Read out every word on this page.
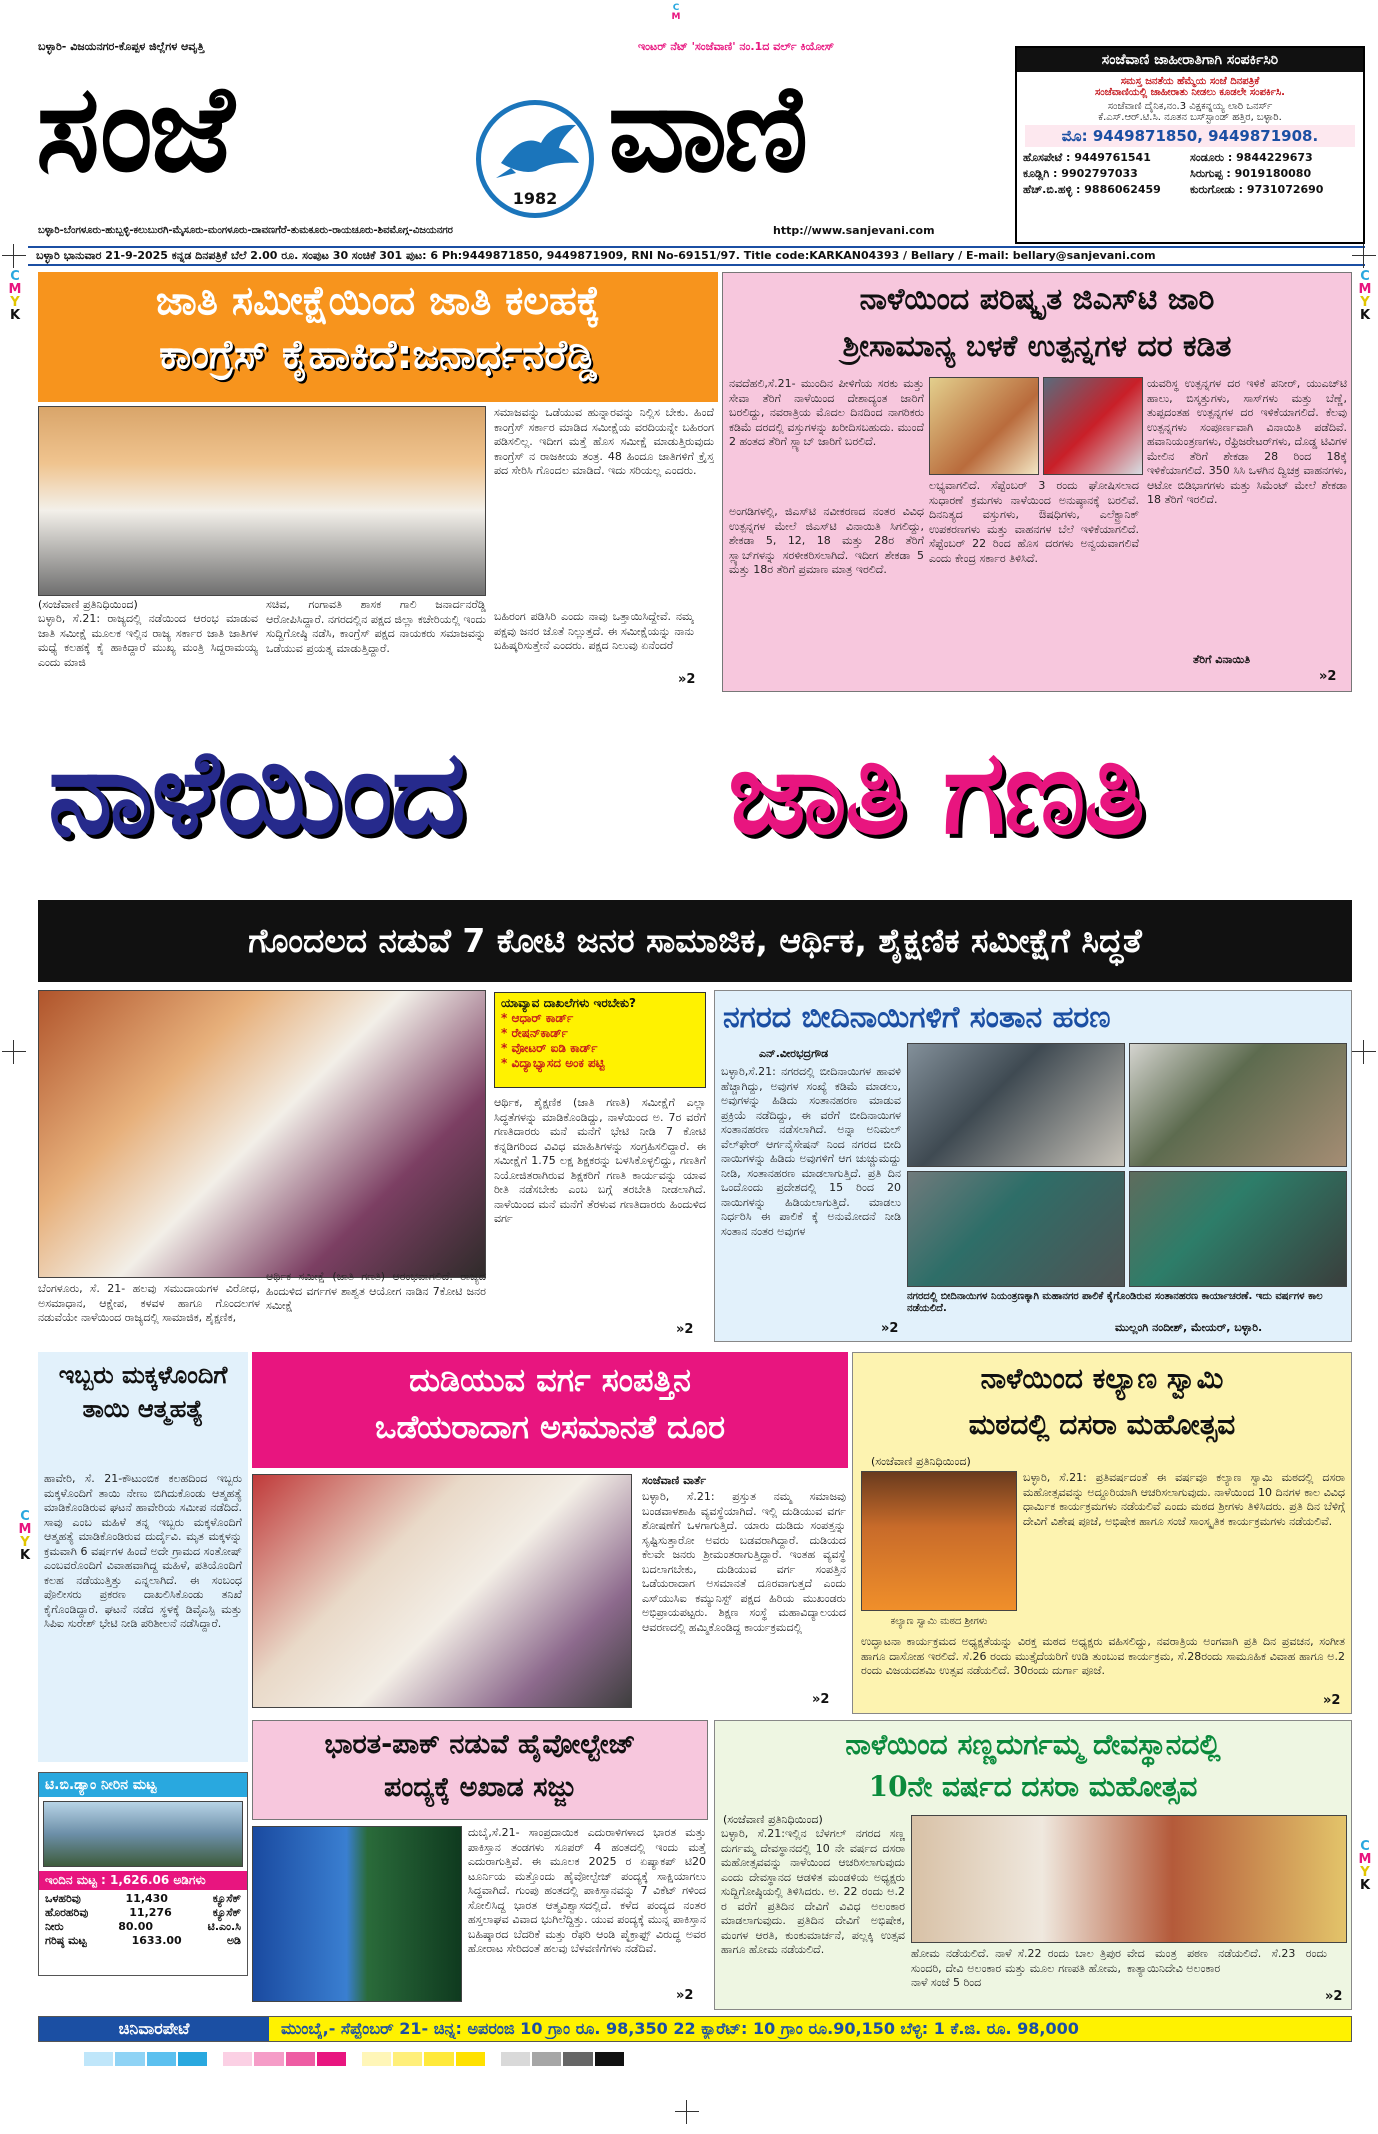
C
M
ಬಳ್ಳಾರಿ- ವಿಜಯನಗರ-ಕೊಪ್ಪಳ ಜಿಲ್ಲೆಗಳ ಆವೃತ್ತಿ	ಇಂಟರ್ ನೆಟ್ 'ಸಂಜೆವಾಣಿ' ನಂ.1ದ ವರ್ಲ್ ಕಿಯೋಸ್
ಸಂಜೆ	1982 ವಾಣಿ
ಬಳ್ಳಾರಿ-ಬೆಂಗಳೂರು-ಹುಬ್ಬಳ್ಳಿ-ಕಲುಬುರಗಿ-ಮೈಸೂರು-ಮಂಗಳೂರು-ದಾವಣಗೆರೆ-ತುಮಕೂರು-ರಾಯಚೂರು-ಶಿವಮೊಗ್ಗ-ವಿಜಯನಗರ	http://www.sanjevani.com
ಸಂಜೆವಾಣಿ ಜಾಹೀರಾತಿಗಾಗಿ ಸಂಪರ್ಕಿಸಿರಿ
ಸಮಸ್ತ ಜನತೆಯ ಹೆಮ್ಮೆಯ ಸಂಜೆ ದಿನಪತ್ರಿಕೆ
ಸಂಜೆವಾಣಿಯಲ್ಲಿ ಜಾಹೀರಾತು ನೀಡಲು ಕೂಡಲೇ ಸಂಪರ್ಕಿಸಿ.
ಸಂಜೆವಾಣಿ ದೈನಿಕ,ನಂ.3 ವಿಕ್ಷಕನ್ನಯ್ಯ ಲಾರಿ ಒನರ್ಸ್
ಕೆ.ಎಸ್.ಆರ್.ಟಿ.ಸಿ. ನೂತನ ಬಸ್‌ಸ್ಟಾಂಡ್ ಹತ್ತಿರ, ಬಳ್ಳಾರಿ.
ಮೊ: 9449871850, 9449871908.
ಹೊಸಪೇಟೆ : 9449761541	ಸಂಡೂರು : 9844229673
ಕೂಡ್ಲಿಗಿ : 9902797033	ಸಿರುಗುಪ್ಪ : 9019180080
ಹೆಚ್.ಬಿ.ಹಳ್ಳಿ : 9886062459	ಕುರುಗೋಡು : 9731072690
ಬಳ್ಳಾರಿ ಭಾನುವಾರ 21-9-2025 ಕನ್ನಡ ದಿನಪತ್ರಿಕೆ ಬೆಲೆ 2.00 ರೂ. ಸಂಪುಟ 30 ಸಂಚಿಕೆ 301 ಪುಟ: 6 Ph:9449871850, 9449871909, RNI No-69151/97. Title code:KARKAN04393 / Bellary / E-mail: bellary@sanjevani.com
C
M
Y
K
C
M
Y
K
C
M
Y
K
C
M
Y
K
ಜಾತಿ ಸಮೀಕ್ಷೆಯಿಂದ ಜಾತಿ ಕಲಹಕ್ಕೆ
ಕಾಂಗ್ರೆಸ್ ಕೈಹಾಕಿದೆ:ಜನಾರ್ಧನರೆಡ್ಡಿ
(ಸಂಜೆವಾಣಿ ಪ್ರತಿನಿಧಿಯಿಂದ)
ಬಳ್ಳಾರಿ, ಸೆ.21: ರಾಜ್ಯದಲ್ಲಿ ನಡೆಯಿಂದ ಆರಂಭ ಮಾಡುವ ಜಾತಿ ಸಮೀಕ್ಷೆ ಮೂಲಕ ಇಲ್ಲಿನ ರಾಜ್ಯ ಸರ್ಕಾರ ಜಾತಿ ಜಾತಿಗಳ ಮಧ್ಯೆ ಕಲಹಕ್ಕೆ ಕೈ ಹಾಕಿದ್ದಾರೆ ಮುಖ್ಯ ಮಂತ್ರಿ ಸಿದ್ದರಾಮಯ್ಯ ಎಂದು ಮಾಜಿ
ಸಚಿವ, ಗಂಗಾವತಿ ಶಾಸಕ ಗಾಲಿ ಜನಾರ್ದನರೆಡ್ಡಿ ಆರೋಪಿಸಿದ್ದಾರೆ. ನಗರದಲ್ಲಿನ ಪಕ್ಷದ ಜಿಲ್ಲಾ ಕಚೇರಿಯಲ್ಲಿ ಇಂದು ಸುದ್ದಿಗೋಷ್ಠಿ ನಡೆಸಿ, ಕಾಂಗ್ರೆಸ್ ಪಕ್ಷದ ನಾಯಕರು ಸಮಾಜವನ್ನು ಒಡೆಯುವ ಪ್ರಯತ್ನ ಮಾಡುತ್ತಿದ್ದಾರೆ.
ಸಮಾಜವನ್ನು ಒಡೆಯುವ ಹುನ್ನಾರವನ್ನು ನಿಲ್ಲಿಸ ಬೇಕು. ಹಿಂದೆ ಕಾಂಗ್ರೆಸ್ ಸರ್ಕಾರ ಮಾಡಿದ ಸಮೀಕ್ಷೆಯ ವರದಿಯನ್ನೇ ಬಹಿರಂಗ ಪಡಿಸಲಿಲ್ಲ. ಇದೀಗ ಮತ್ತೆ ಹೊಸ ಸಮೀಕ್ಷೆ ಮಾಡುತ್ತಿರುವುದು ಕಾಂಗ್ರೆಸ್ ನ ರಾಜಕೀಯ ತಂತ್ರ. 48 ಹಿಂದೂ ಜಾತಿಗಳಿಗೆ ಕ್ರೈಸ್ತ ಪದ ಸೇರಿಸಿ ಗೊಂದಲ ಮಾಡಿದೆ. ಇದು ಸರಿಯಲ್ಲ ಎಂದರು.
ಬಹಿರಂಗ ಪಡಿಸಿರಿ ಎಂದು ನಾವು ಒತ್ತಾಯಿಸಿದ್ದೇವೆ. ನಮ್ಮ ಪಕ್ಷವು ಜನರ ಜೊತೆ ನಿಲ್ಲುತ್ತದೆ. ಈ ಸಮೀಕ್ಷೆಯನ್ನು ನಾನು ಬಹಿಷ್ಕರಿಸುತ್ತೇನೆ ಎಂದರು. ಪಕ್ಷದ ನಿಲುವು ಏನೆಂದರೆ
»2
ನಾಳೆಯಿಂದ ಪರಿಷ್ಕೃತ ಜಿಎಸ್‌ಟಿ ಜಾರಿ
ಶ್ರೀಸಾಮಾನ್ಯ ಬಳಕೆ ಉತ್ಪನ್ನಗಳ ದರ ಕಡಿತ
ನವದೆಹಲಿ,ಸೆ.21- ಮುಂದಿನ ಪೀಳಿಗೆಯ ಸರಕು ಮತ್ತು ಸೇವಾ ತೆರಿಗೆ ನಾಳೆಯಿಂದ ದೇಶಾದ್ಯಂತ ಜಾರಿಗೆ ಬರಲಿದ್ದು, ನವರಾತ್ರಿಯ ಮೊದಲ ದಿನದಿಂದ ನಾಗರಿಕರು ಕಡಿಮೆ ದರದಲ್ಲಿ ವಸ್ತುಗಳನ್ನು ಖರೀದಿಸಬಹುದು. ಮುಂದೆ 2 ಹಂತದ ತೆರಿಗೆ ಸ್ಲ್ಯಾಬ್ ಜಾರಿಗೆ ಬರಲಿದೆ.
ಅಂಗಡಿಗಳಲ್ಲಿ, ಜಿಎಸ್‌ಟಿ ನವೀಕರಣದ ನಂತರ ವಿವಿಧ ಉತ್ಪನ್ನಗಳ ಮೇಲೆ ಜಿಎಸ್‌ಟಿ ವಿನಾಯಿತಿ ಸಿಗಲಿದ್ದು, ಶೇಕಡಾ 5, 12, 18 ಮತ್ತು 28ರ ತೆರಿಗೆ ಸ್ಲ್ಯಾಬ್‌ಗಳನ್ನು ಸರಳೀಕರಿಸಲಾಗಿದೆ. ಇದೀಗ ಶೇಕಡಾ 5 ಮತ್ತು 18ರ ತೆರಿಗೆ ಪ್ರಮಾಣ ಮಾತ್ರ ಇರಲಿದೆ.
ಲಭ್ಯವಾಗಲಿದೆ. ಸೆಪ್ಟೆಂಬರ್ 3 ರಂದು ಘೋಷಿಸಲಾದ ಸುಧಾರಣೆ ಕ್ರಮಗಳು ನಾಳೆಯಿಂದ ಅನುಷ್ಠಾನಕ್ಕೆ ಬರಲಿವೆ. ದಿನನಿತ್ಯದ ವಸ್ತುಗಳು, ಔಷಧಿಗಳು, ಎಲೆಕ್ಟ್ರಾನಿಕ್ ಉಪಕರಣಗಳು ಮತ್ತು ವಾಹನಗಳ ಬೆಲೆ ಇಳಿಕೆಯಾಗಲಿದೆ. ಸೆಪ್ಟೆಂಬರ್ 22 ರಿಂದ ಹೊಸ ದರಗಳು ಅನ್ವಯವಾಗಲಿವೆ ಎಂದು ಕೇಂದ್ರ ಸರ್ಕಾರ ತಿಳಿಸಿದೆ.
ಯವರಿಸ್ಥ ಉತ್ಪನ್ನಗಳ ದರ ಇಳಿಕೆ ಪನೀರ್, ಯುಎಚ್‌ಟಿ ಹಾಲು, ಬಿಸ್ಕತ್ತುಗಳು, ಸಾಸ್‌ಗಳು ಮತ್ತು ಬೆಣ್ಣೆ, ತುಪ್ಪದಂತಹ ಉತ್ಪನ್ನಗಳ ದರ ಇಳಿಕೆಯಾಗಲಿದೆ. ಕೆಲವು ಉತ್ಪನ್ನಗಳು ಸಂಪೂರ್ಣವಾಗಿ ವಿನಾಯಿತಿ ಪಡೆದಿವೆ. ಹವಾನಿಯಂತ್ರಣಗಳು, ರೆಫ್ರಿಜರೇಟರ್‌ಗಳು, ದೊಡ್ಡ ಟಿವಿಗಳ ಮೇಲಿನ ತೆರಿಗೆ ಶೇಕಡಾ 28 ರಿಂದ 18ಕ್ಕೆ ಇಳಿಕೆಯಾಗಲಿದೆ. 350 ಸಿಸಿ ಒಳಗಿನ ದ್ವಿಚಕ್ರ ವಾಹನಗಳು, ಆಟೋ ಬಿಡಿಭಾಗಗಳು ಮತ್ತು ಸಿಮೆಂಟ್ ಮೇಲೆ ಶೇಕಡಾ 18 ತೆರಿಗೆ ಇರಲಿದೆ.
ತೆರಿಗೆ ವಿನಾಯಿತಿ
»2
ನಾಳೆಯಿಂದ ಜಾತಿ ಗಣತಿ
ಗೊಂದಲದ ನಡುವೆ 7 ಕೋಟಿ ಜನರ ಸಾಮಾಜಿಕ, ಆರ್ಥಿಕ, ಶೈಕ್ಷಣಿಕ ಸಮೀಕ್ಷೆಗೆ ಸಿದ್ಧತೆ
ಯಾವ್ಯಾವ ದಾಖಲೆಗಳು ಇರಬೇಕು?
* ಆಧಾರ್ ಕಾರ್ಡ್
* ರೇಷನ್‌ಕಾರ್ಡ್
* ವೋಟರ್ ಐಡಿ ಕಾರ್ಡ್
* ವಿದ್ಯಾಭ್ಯಾಸದ ಅಂಕ ಪಟ್ಟಿ
ಆರ್ಥಿಕ, ಶೈಕ್ಷಣಿಕ (ಜಾತಿ ಗಣತಿ) ಸಮೀಕ್ಷೆಗೆ ಎಲ್ಲಾ ಸಿದ್ಧತೆಗಳನ್ನು ಮಾಡಿಕೊಂಡಿದ್ದು, ನಾಳೆಯಿಂದ ಅ. 7ರ ವರೆಗೆ ಗಣತಿದಾರರು ಮನೆ ಮನೆಗೆ ಭೇಟಿ ನೀಡಿ 7 ಕೋಟಿ ಕನ್ನಡಿಗರಿಂದ ವಿವಿಧ ಮಾಹಿತಿಗಳನ್ನು ಸಂಗ್ರಹಿಸಲಿದ್ದಾರೆ. ಈ ಸಮೀಕ್ಷೆಗೆ 1.75 ಲಕ್ಷ ಶಿಕ್ಷಕರನ್ನು ಬಳಸಿಕೊಳ್ಳಲಿದ್ದು, ಗಣತಿಗೆ ನಿಯೋಜಿತರಾಗಿರುವ ಶಿಕ್ಷಕರಿಗೆ ಗಣತಿ ಕಾರ್ಯವನ್ನು ಯಾವ ರೀತಿ ನಡೆಸಬೇಕು ಎಂಬ ಬಗ್ಗೆ ತರಬೇತಿ ನೀಡಲಾಗಿದೆ. ನಾಳೆಯಿಂದ ಮನೆ ಮನೆಗೆ ತೆರಳುವ ಗಣತಿದಾರರು ಹಿಂದುಳಿದ ವರ್ಗ
ಬೆಂಗಳೂರು, ಸೆ. 21- ಹಲವು ಸಮುದಾಯಗಳ ವಿರೋಧ, ಅಸಮಾಧಾನ, ಆಕ್ಷೇಪ, ಕಳವಳ ಹಾಗೂ ಗೊಂದಲಗಳ ನಡುವೆಯೇ ನಾಳೆಯಿಂದ ರಾಜ್ಯದಲ್ಲಿ ಸಾಮಾಜಿಕ, ಶೈಕ್ಷಣಿಕ,
ಆರ್ಥಿಕ ಸಮೀಕ್ಷೆ (ಜಾತಿ ಗಣತಿ) ಆರಂಭವಾಗಲಿದೆ. ರಾಜ್ಯದ ಹಿಂದುಳಿದ ವರ್ಗಗಳ ಶಾಶ್ವತ ಆಯೋಗ ನಾಡಿನ 7ಕೋಟಿ ಜನರ ಸಮೀಕ್ಷೆ
»2
ನಗರದ ಬೀದಿನಾಯಿಗಳಿಗೆ ಸಂತಾನ ಹರಣ
ಎನ್.ವೀರಭದ್ರಗೌಡ
ಬಳ್ಳಾರಿ,ಸೆ.21: ನಗರದಲ್ಲಿ ಬೀದಿನಾಯಿಗಳ ಹಾವಳಿ ಹೆಚ್ಚಾಗಿದ್ದು, ಅವುಗಳ ಸಂಖ್ಯೆ ಕಡಿಮೆ ಮಾಡಲು, ಅವುಗಳನ್ನು ಹಿಡಿದು ಸಂತಾನಹರಣ ಮಾಡುವ ಪ್ರಕ್ರಿಯೆ ನಡೆದಿದ್ದು, ಈ ವರೆಗೆ ಬೀದಿನಾಯಿಗಳ ಸಂತಾನಹರಣ ನಡೆಸಲಾಗಿದೆ. ಅನ್ನಾ ಅನಿಮಲ್ ವೆಲ್‌ಫೇರ್ ಆರ್ಗನೈಸೇಷನ್ ನಿಂದ ನಗರದ ಬೀದಿ ನಾಯಿಗಳನ್ನು ಹಿಡಿದು ಅವುಗಳಿಗೆ ಆಗ ಚುಚ್ಚುಮದ್ದು ನೀಡಿ, ಸಂತಾನಹರಣ ಮಾಡಲಾಗುತ್ತಿದೆ. ಪ್ರತಿ ದಿನ ಒಂದೊಂದು ಪ್ರದೇಶದಲ್ಲಿ 15 ರಿಂದ 20 ನಾಯಿಗಳನ್ನು ಹಿಡಿಯಲಾಗುತ್ತಿದೆ. ಮಾಡಲು ನಿರ್ಧರಿಸಿ ಈ ಪಾಲಿಕೆ ಕ್ಕೆ ಅನುಮೋದನೆ ನೀಡಿ ಸಂತಾನ ನಂತರ ಅವುಗಳ
ನಗರದಲ್ಲಿ ಬೀದಿನಾಯಿಗಳ ನಿಯಂತ್ರಣಕ್ಕಾಗಿ ಮಹಾನಗರ ಪಾಲಿಕೆ ಕೈಗೊಂಡಿರುವ ಸಂತಾನಹರಣ ಕಾರ್ಯಾಚರಣೆ. ಇದು ವರ್ಷಗಳ ಕಾಲ ನಡೆಯಲಿದೆ.
ಮುಲ್ಲಂಗಿ ನಂದೀಶ್, ಮೇಯರ್, ಬಳ್ಳಾರಿ.
»2
ಇಬ್ಬರು ಮಕ್ಕಳೊಂದಿಗೆ ತಾಯಿ ಆತ್ಮಹತ್ಯೆ
ಹಾವೇರಿ, ಸೆ. 21-ಕೌಟುಂಬಿಕ ಕಲಹದಿಂದ ಇಬ್ಬರು ಮಕ್ಕಳೊಂದಿಗೆ ತಾಯಿ ನೇಣು ಬಿಗಿದುಕೊಂಡು ಆತ್ಮಹತ್ಯೆ ಮಾಡಿಕೊಂಡಿರುವ ಘಟನೆ ಹಾವೇರಿಯ ಸಮೀಪ ನಡೆದಿದೆ. ಸಾವು ಎಂಬ ಮಹಿಳೆ ತನ್ನ ಇಬ್ಬರು ಮಕ್ಕಳೊಂದಿಗೆ ಆತ್ಮಹತ್ಯೆ ಮಾಡಿಕೊಂಡಿರುವ ದುರ್ದೈವಿ. ಮೃತ ಮಕ್ಕಳನ್ನು ಕ್ರಮವಾಗಿ 6 ವರ್ಷಗಳ ಹಿಂದೆ ಅದೇ ಗ್ರಾಮದ ಸಂತೋಷ್ ಎಂಬವರೊಂದಿಗೆ ವಿವಾಹವಾಗಿದ್ದ ಮಹಿಳೆ, ಪತಿಯೊಂದಿಗೆ ಕಲಹ ನಡೆಯುತ್ತಿತ್ತು ಎನ್ನಲಾಗಿದೆ. ಈ ಸಂಬಂಧ ಪೊಲೀಸರು ಪ್ರಕರಣ ದಾಖಲಿಸಿಕೊಂಡು ತನಿಖೆ ಕೈಗೊಂಡಿದ್ದಾರೆ. ಘಟನೆ ನಡೆದ ಸ್ಥಳಕ್ಕೆ ಡಿವೈಎಸ್ಪಿ ಮತ್ತು ಸಿಪಿಐ ಸುರೇಶ್ ಭೇಟಿ ನೀಡಿ ಪರಿಶೀಲನೆ ನಡೆಸಿದ್ದಾರೆ.
ಟಿ.ಬಿ.ಡ್ಯಾಂ ನೀರಿನ ಮಟ್ಟ
ಇಂದಿನ ಮಟ್ಟ : 1,626.06 ಅಡಿಗಳು
ಒಳಹರಿವು	11,430	ಕ್ಯೂಸೆಕ್
ಹೊರಹರಿವು	11,276	ಕ್ಯೂಸೆಕ್
ನೀರು	80.00	ಟಿ.ಎಂ.ಸಿ
ಗರಿಷ್ಠ ಮಟ್ಟ	1633.00	ಅಡಿ
ದುಡಿಯುವ ವರ್ಗ ಸಂಪತ್ತಿನ
ಒಡೆಯರಾದಾಗ ಅಸಮಾನತೆ ದೂರ
ಸಂಜೆವಾಣಿ ವಾರ್ತೆ
ಬಳ್ಳಾರಿ, ಸೆ.21: ಪ್ರಸ್ತುತ ನಮ್ಮ ಸಮಾಜವು ಬಂಡವಾಳಶಾಹಿ ವ್ಯವಸ್ಥೆಯಾಗಿದೆ. ಇಲ್ಲಿ ದುಡಿಯುವ ವರ್ಗ ಶೋಷಣೆಗೆ ಒಳಗಾಗುತ್ತಿದೆ. ಯಾರು ದುಡಿದು ಸಂಪತ್ತನ್ನು ಸೃಷ್ಟಿಸುತ್ತಾರೋ ಅವರು ಬಡವರಾಗಿದ್ದಾರೆ. ದುಡಿಯದ ಕೆಲವೇ ಜನರು ಶ್ರೀಮಂತರಾಗುತ್ತಿದ್ದಾರೆ. ಇಂತಹ ವ್ಯವಸ್ಥೆ ಬದಲಾಗಬೇಕು, ದುಡಿಯುವ ವರ್ಗ ಸಂಪತ್ತಿನ ಒಡೆಯರಾದಾಗ ಅಸಮಾನತೆ ದೂರವಾಗುತ್ತದೆ ಎಂದು ಎಸ್‌ಯುಸಿಐ ಕಮ್ಯುನಿಸ್ಟ್ ಪಕ್ಷದ ಹಿರಿಯ ಮುಖಂಡರು ಅಭಿಪ್ರಾಯಪಟ್ಟರು. ಶಿಕ್ಷಣ ಸಂಸ್ಥೆ ಮಹಾವಿದ್ಯಾಲಯದ ಆವರಣದಲ್ಲಿ ಹಮ್ಮಿಕೊಂಡಿದ್ದ ಕಾರ್ಯಕ್ರಮದಲ್ಲಿ
»2
ನಾಳೆಯಿಂದ ಕಲ್ಯಾಣ ಸ್ವಾಮಿ
ಮಠದಲ್ಲಿ ದಸರಾ ಮಹೋತ್ಸವ
(ಸಂಜೆವಾಣಿ ಪ್ರತಿನಿಧಿಯಿಂದ)
ಕಲ್ಯಾಣ ಸ್ವಾಮಿ ಮಠದ ಶ್ರೀಗಳು
ಬಳ್ಳಾರಿ, ಸೆ.21: ಪ್ರತಿವರ್ಷದಂತೆ ಈ ವರ್ಷವೂ ಕಲ್ಯಾಣ ಸ್ವಾಮಿ ಮಠದಲ್ಲಿ ದಸರಾ ಮಹೋತ್ಸವವನ್ನು ಅದ್ದೂರಿಯಾಗಿ ಆಚರಿಸಲಾಗುವುದು. ನಾಳೆಯಿಂದ 10 ದಿನಗಳ ಕಾಲ ವಿವಿಧ ಧಾರ್ಮಿಕ ಕಾರ್ಯಕ್ರಮಗಳು ನಡೆಯಲಿವೆ ಎಂದು ಮಠದ ಶ್ರೀಗಳು ತಿಳಿಸಿದರು. ಪ್ರತಿ ದಿನ ಬೆಳಿಗ್ಗೆ ದೇವಿಗೆ ವಿಶೇಷ ಪೂಜೆ, ಅಭಿಷೇಕ ಹಾಗೂ ಸಂಜೆ ಸಾಂಸ್ಕೃತಿಕ ಕಾರ್ಯಕ್ರಮಗಳು ನಡೆಯಲಿವೆ.
ಉದ್ಘಾಟನಾ ಕಾರ್ಯಕ್ರಮದ ಅಧ್ಯಕ್ಷತೆಯನ್ನು ವಿರಕ್ತ ಮಠದ ಅಧ್ಯಕ್ಷರು ವಹಿಸಲಿದ್ದು, ನವರಾತ್ರಿಯ ಅಂಗವಾಗಿ ಪ್ರತಿ ದಿನ ಪ್ರವಚನ, ಸಂಗೀತ ಹಾಗೂ ದಾಸೋಹ ಇರಲಿದೆ. ಸೆ.26 ರಂದು ಮುತ್ತೈದೆಯರಿಗೆ ಉಡಿ ತುಂಬುವ ಕಾರ್ಯಕ್ರಮ, ಸೆ.28ರಂದು ಸಾಮೂಹಿಕ ವಿವಾಹ ಹಾಗೂ ಅ.2 ರಂದು ವಿಜಯದಶಮಿ ಉತ್ಸವ ನಡೆಯಲಿದೆ. 30ರಂದು ದುರ್ಗಾ ಪೂಜೆ.
»2
ಭಾರತ-ಪಾಕ್ ನಡುವೆ ಹೈವೋಲ್ಟೇಜ್
ಪಂದ್ಯಕ್ಕೆ ಅಖಾಡ ಸಜ್ಜು
ದುಬೈ,ಸೆ.21- ಸಾಂಪ್ರದಾಯಿಕ ಎದುರಾಳಿಗಳಾದ ಭಾರತ ಮತ್ತು ಪಾಕಿಸ್ತಾನ ತಂಡಗಳು ಸೂಪರ್ 4 ಹಂತದಲ್ಲಿ ಇಂದು ಮತ್ತೆ ಎದುರಾಗುತ್ತಿವೆ. ಈ ಮೂಲಕ 2025 ರ ಏಷ್ಯಾಕಪ್ ಟಿ20 ಟೂರ್ನಿಯ ಮತ್ತೊಂದು ಹೈವೋಲ್ಟೇಜ್ ಪಂದ್ಯಕ್ಕೆ ಸಾಕ್ಷಿಯಾಗಲು ಸಿದ್ಧವಾಗಿದೆ. ಗುಂಪು ಹಂತದಲ್ಲಿ ಪಾಕಿಸ್ತಾನವನ್ನು 7 ವಿಕೆಟ್ ಗಳಿಂದ ಸೋಲಿಸಿದ್ದ ಭಾರತ ಆತ್ಮವಿಶ್ವಾಸದಲ್ಲಿದೆ. ಕಳೆದ ಪಂದ್ಯದ ನಂತರ ಹಸ್ತಲಾಘವ ವಿವಾದ ಭುಗಿಲೆದ್ದಿತ್ತು. ಯುವ ಪಂದ್ಯಕ್ಕೆ ಮುನ್ನ ಪಾಕಿಸ್ತಾನ ಬಹಿಷ್ಕಾರದ ಬೆದರಿಕೆ ಮತ್ತು ರೆಫರಿ ಆಂಡಿ ಪೈಕ್ರಾಫ್ಟ್ ವಿರುದ್ಧ ಅವರ ಹೋರಾಟ ಸೇರಿದಂತೆ ಹಲವು ಬೆಳವಣಿಗೆಗಳು ನಡೆದಿವೆ.
»2
ನಾಳೆಯಿಂದ ಸಣ್ಣದುರ್ಗಮ್ಮ ದೇವಸ್ಥಾನದಲ್ಲಿ
10ನೇ ವರ್ಷದ ದಸರಾ ಮಹೋತ್ಸವ
(ಸಂಜೆವಾಣಿ ಪ್ರತಿನಿಧಿಯಿಂದ)
ಬಳ್ಳಾರಿ, ಸೆ.21:ಇಲ್ಲಿನ ಬೆಳಗಲ್ ನಗರದ ಸಣ್ಣ ದುರ್ಗಮ್ಮ ದೇವಸ್ಥಾನದಲ್ಲಿ 10 ನೇ ವರ್ಷದ ದಸರಾ ಮಹೋತ್ಸವವನ್ನು ನಾಳೆಯಿಂದ ಆಚರಿಸಲಾಗುವುದು ಎಂದು ದೇವಸ್ಥಾನದ ಆಡಳಿತ ಮಂಡಳಿಯ ಅಧ್ಯಕ್ಷರು ಸುದ್ದಿಗೋಷ್ಠಿಯಲ್ಲಿ ತಿಳಿಸಿದರು. ಅ. 22 ರಂದು ಅ.2 ರ ವರೆಗೆ ಪ್ರತಿದಿನ ದೇವಿಗೆ ವಿವಿಧ ಅಲಂಕಾರ ಮಾಡಲಾಗುವುದು. ಪ್ರತಿದಿನ ದೇವಿಗೆ ಅಭಿಷೇಕ, ಮಂಗಳ ಆರತಿ, ಕುಂಕುಮಾರ್ಚನೆ, ಪಲ್ಲಕ್ಕಿ ಉತ್ಸವ ಹಾಗೂ ಹೋಮ ನಡೆಯಲಿದೆ.	ಹೋಮ ನಡೆಯಲಿದೆ. ನಾಳೆ ಸೆ.22 ರಂದು ಬಾಲ ತ್ರಿಪುರ ಸುಂದರಿ, ದೇವಿ ಅಲಂಕಾರ ಮತ್ತು ಮೂಲ ಗಣಪತಿ ಹೋಮ, ನಾಳೆ ಸಂಜೆ 5 ರಿಂದ
ವೇದ ಮಂತ್ರ ಪಠಣ ನಡೆಯಲಿದೆ. ಸೆ.23 ರಂದು ಕಾತ್ಯಾಯಿನಿದೇವಿ ಅಲಂಕಾರ
»2
ಚಿನಿವಾರಪೇಟೆ	ಮುಂಬೈ,- ಸೆಪ್ಟೆಂಬರ್ 21- ಚಿನ್ನ: ಅಪರಂಜಿ 10 ಗ್ರಾಂ ರೂ. 98,350 22 ಕ್ಯಾರೆಟ್: 10 ಗ್ರಾಂ ರೂ.90,150 ಬೆಳ್ಳಿ: 1 ಕೆ.ಜಿ. ರೂ. 98,000
